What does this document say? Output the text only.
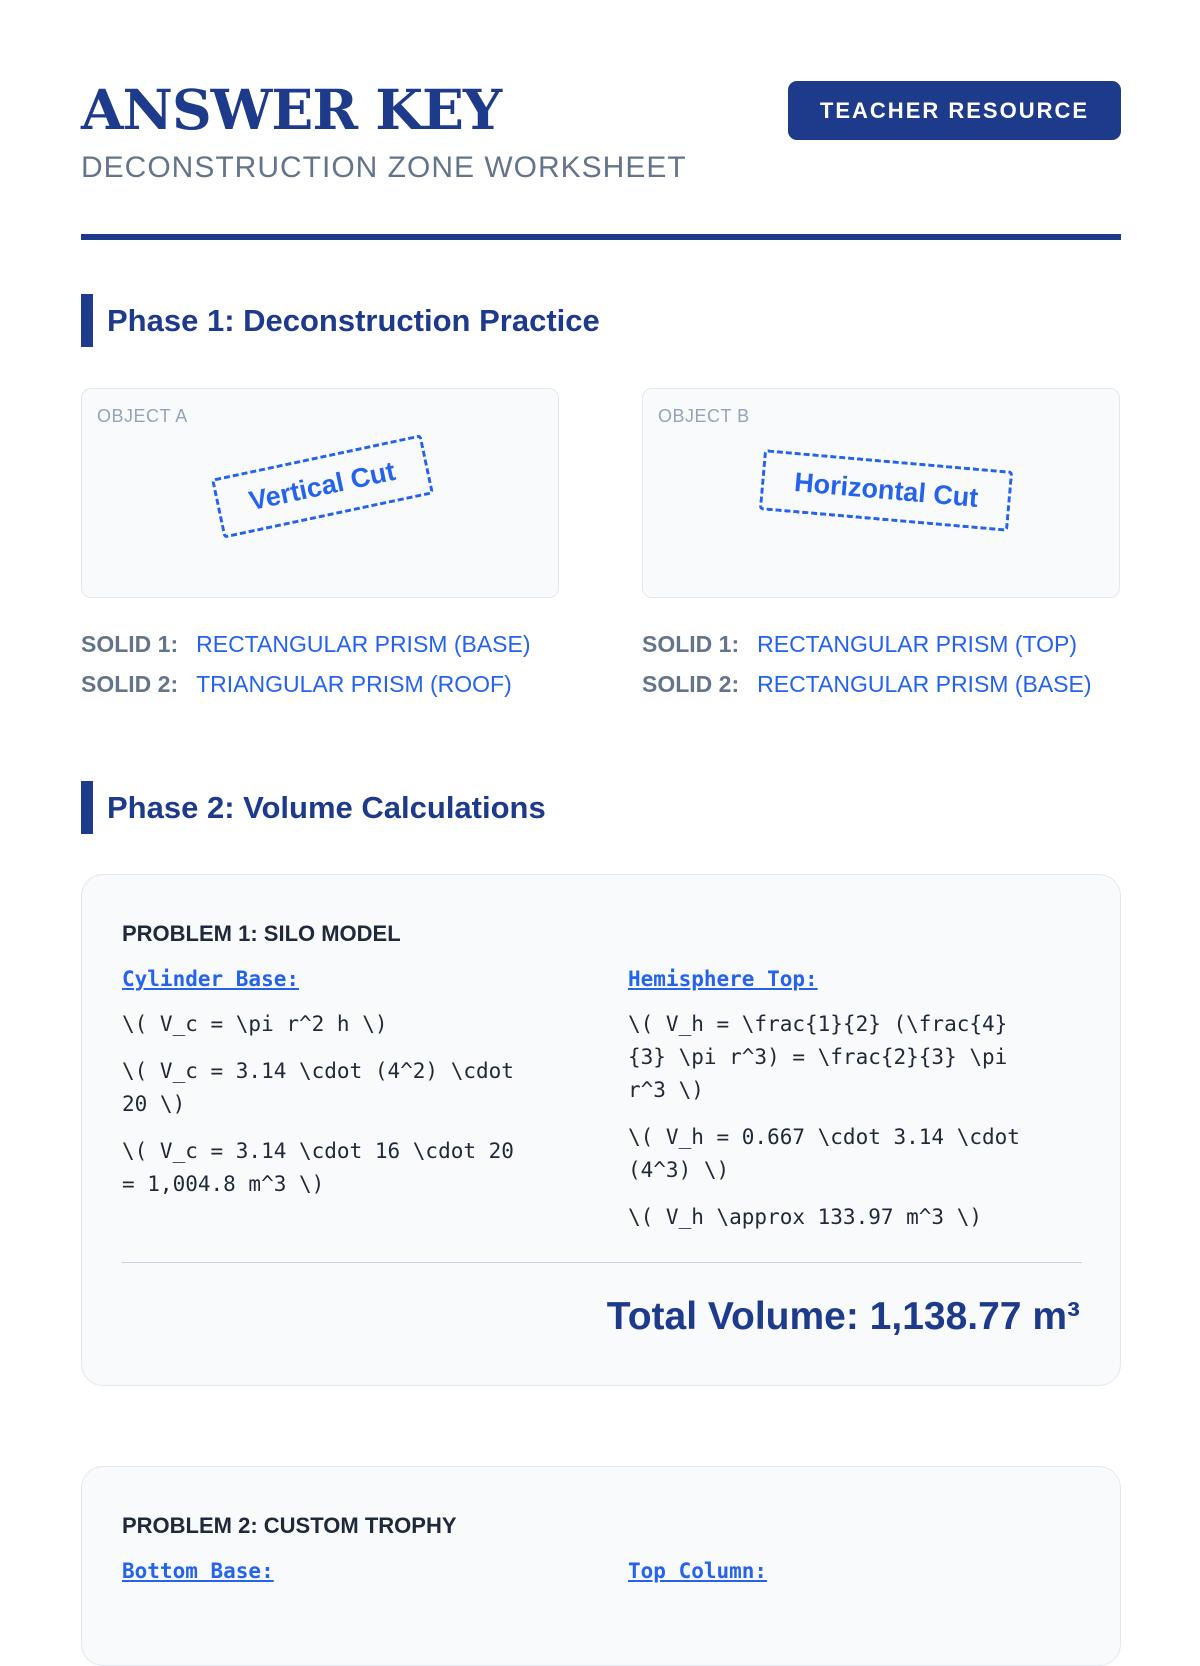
ANSWER KEY
DECONSTRUCTION ZONE WORKSHEET
TEACHER RESOURCE
Phase 1: Deconstruction Practice
OBJECT A
Vertical Cut
OBJECT B
Horizontal Cut
SOLID 1: RECTANGULAR PRISM (BASE)
SOLID 2: TRIANGULAR PRISM (ROOF)
SOLID 1: RECTANGULAR PRISM (TOP)
SOLID 2: RECTANGULAR PRISM (BASE)
Phase 2: Volume Calculations
PROBLEM 1: SILO MODEL
Cylinder Base:	Hemisphere Top:
\( V_c = \pi r^2 h \)
\( V_c = 3.14 \cdot (4^2) \cdot
20 \)
\( V_c = 3.14 \cdot 16 \cdot 20
= 1,004.8 m^3 \)
\( V_h = \frac{1}{2} (\frac{4}
{3} \pi r^3) = \frac{2}{3} \pi
r^3 \)
\( V_h = 0.667 \cdot 3.14 \cdot
(4^3) \)
\( V_h \approx 133.97 m^3 \)
Total Volume: 1,138.77 m³
PROBLEM 2: CUSTOM TROPHY
Bottom Base:	Top Column:
